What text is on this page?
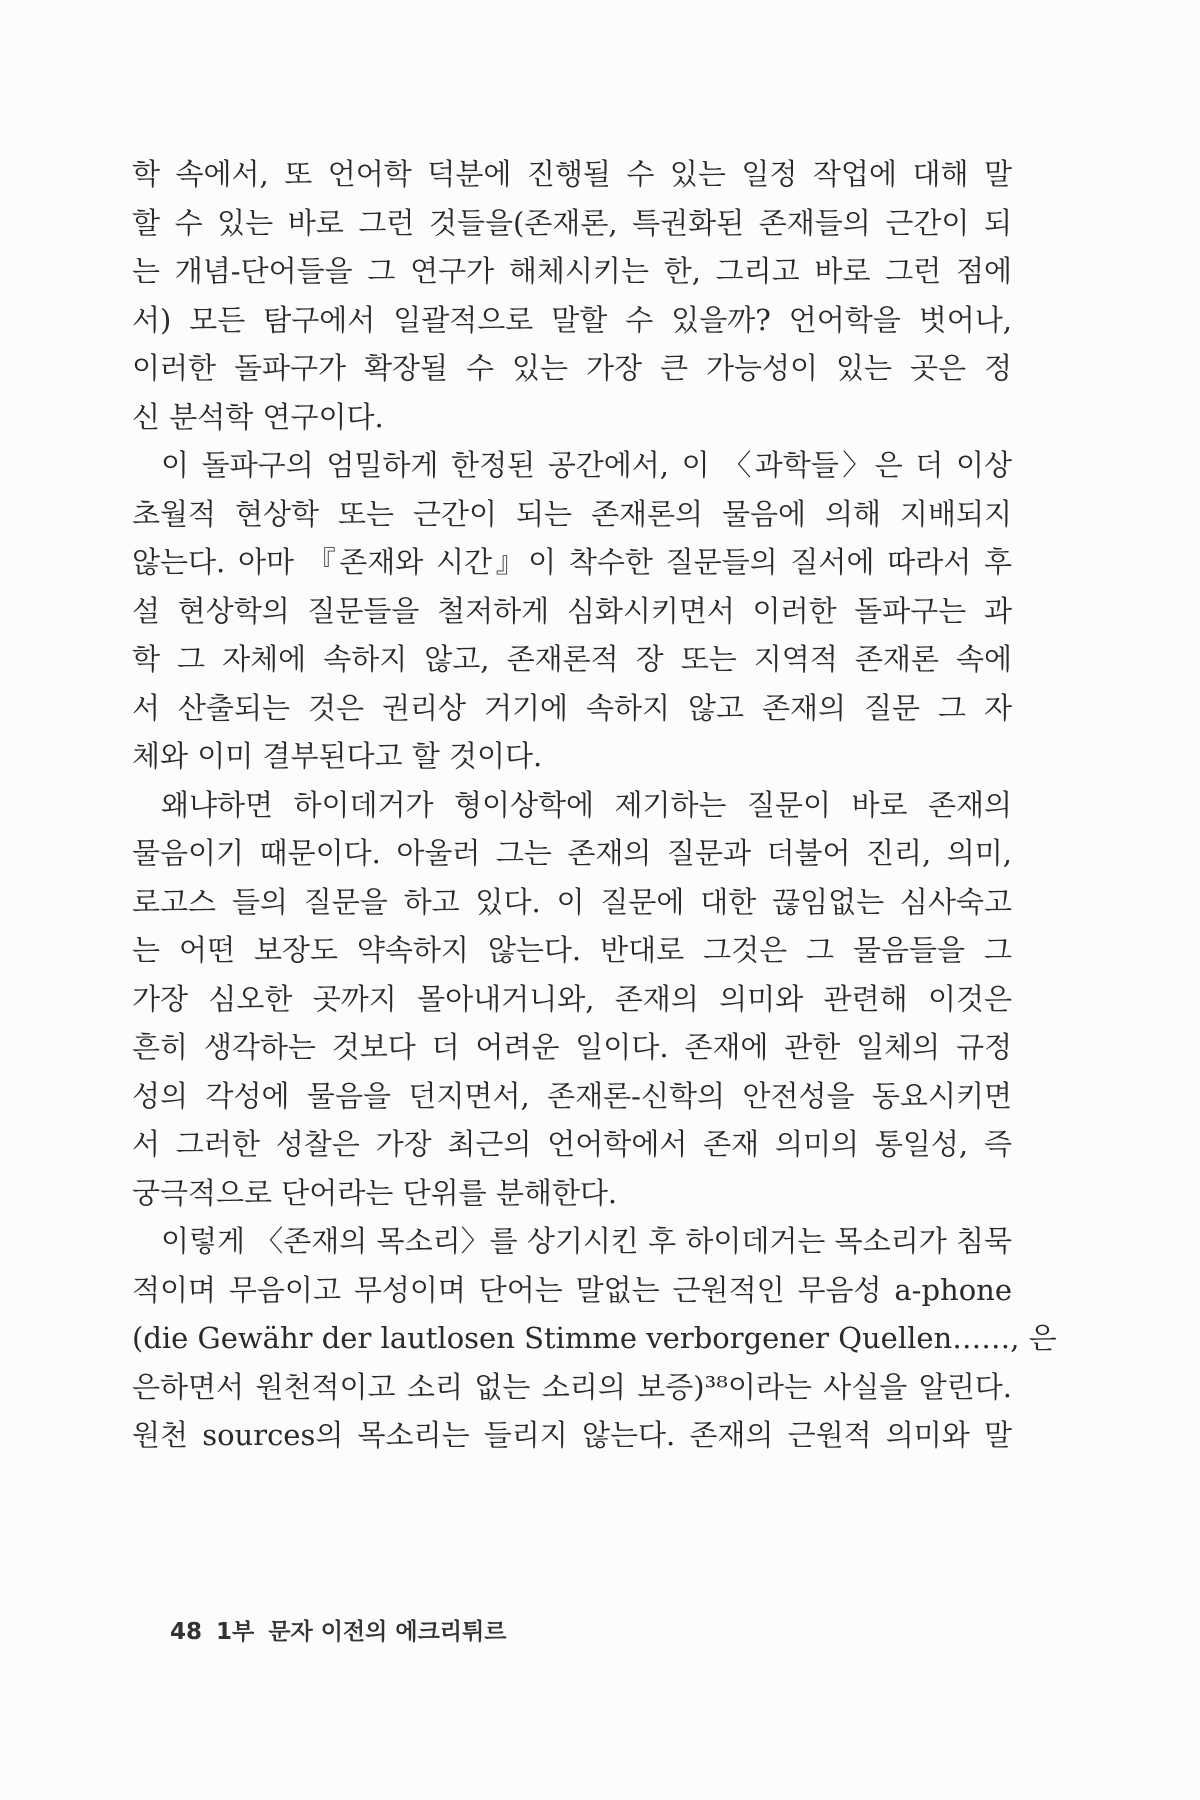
학 속에서, 또 언어학 덕분에 진행될 수 있는 일정 작업에 대해 말
할 수 있는 바로 그런 것들을(존재론, 특권화된 존재들의 근간이 되
는 개념-단어들을 그 연구가 해체시키는 한, 그리고 바로 그런 점에
서) 모든 탐구에서 일괄적으로 말할 수 있을까? 언어학을 벗어나,
이러한 돌파구가 확장될 수 있는 가장 큰 가능성이 있는 곳은 정
신 분석학 연구이다.
이 돌파구의 엄밀하게 한정된 공간에서, 이 〈과학들〉은 더 이상
초월적 현상학 또는 근간이 되는 존재론의 물음에 의해 지배되지
않는다. 아마 『존재와 시간』이 착수한 질문들의 질서에 따라서 후
설 현상학의 질문들을 철저하게 심화시키면서 이러한 돌파구는 과
학 그 자체에 속하지 않고, 존재론적 장 또는 지역적 존재론 속에
서 산출되는 것은 권리상 거기에 속하지 않고 존재의 질문 그 자
체와 이미 결부된다고 할 것이다.
왜냐하면 하이데거가 형이상학에 제기하는 질문이 바로 존재의
물음이기 때문이다. 아울러 그는 존재의 질문과 더불어 진리, 의미,
로고스 들의 질문을 하고 있다. 이 질문에 대한 끊임없는 심사숙고
는 어떤 보장도 약속하지 않는다. 반대로 그것은 그 물음들을 그
가장 심오한 곳까지 몰아내거니와, 존재의 의미와 관련해 이것은
흔히 생각하는 것보다 더 어려운 일이다. 존재에 관한 일체의 규정
성의 각성에 물음을 던지면서, 존재론-신학의 안전성을 동요시키면
서 그러한 성찰은 가장 최근의 언어학에서 존재 의미의 통일성, 즉
궁극적으로 단어라는 단위를 분해한다.
이렇게 〈존재의 목소리〉를 상기시킨 후 하이데거는 목소리가 침묵
적이며 무음이고 무성이며 단어는 말없는 근원적인 무음성 a-phone
(die Gewähr der lautlosen Stimme verborgener Quellen……, 은
은하면서 원천적이고 소리 없는 소리의 보증)³⁸이라는 사실을 알린다.
원천 sources의 목소리는 들리지 않는다. 존재의 근원적 의미와 말
48 1부 문자 이전의 에크리튀르
